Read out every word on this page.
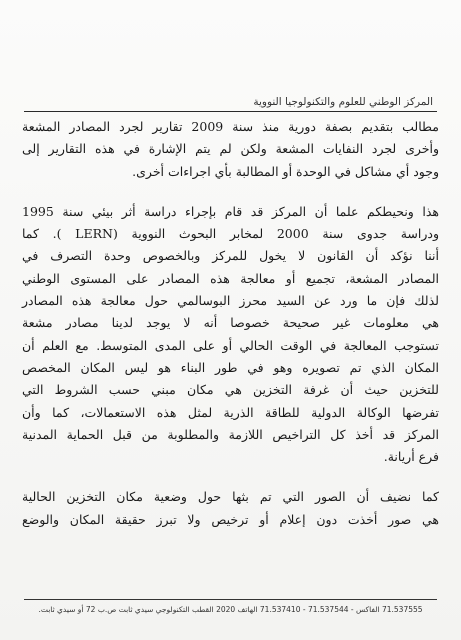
المركز الوطني للعلوم والتكنولوجيا النووية
مطالب بتقديم بصفة دورية منذ سنة 2009 تقارير لجرد المصادر المشعة
وأخرى لجرد النفايات المشعة ولكن لم يتم الإشارة في هذه التقارير إلى
وجود أي مشاكل في الوحدة أو المطالبة بأي اجراءات أخرى.
هذا ونحيطكم علما أن المركز قد قام بإجراء دراسة أثر بيئي سنة 1995
ودراسة جدوى سنة 2000 لمخابر البحوث النووية (LERN ). كما
أننا نؤكد أن القانون لا يخول للمركز وبالخصوص وحدة التصرف في
المصادر المشعة، تجميع أو معالجة هذه المصادر على المستوى الوطني
لذلك فإن ما ورد عن السيد محرز البوسالمي حول معالجة هذه المصادر
هي معلومات غير صحيحة خصوصا أنه لا يوجد لدينا مصادر مشعة
تستوجب المعالجة في الوقت الحالي أو على المدى المتوسط. مع العلم أن
المكان الذي تم تصويره وهو في طور البناء هو ليس المكان المخصص
للتخزين حيث أن غرفة التخزين هي مكان مبني حسب الشروط التي
تفرضها الوكالة الدولية للطاقة الذرية لمثل هذه الاستعمالات، كما وأن
المركز قد أخذ كل التراخيص اللازمة والمطلوبة من قبل الحماية المدنية
فرع أريانة.
كما نضيف أن الصور التي تم بثها حول وضعية مكان التخزين الحالية
هي صور أخذت دون إعلام أو ترخيص ولا تبرز حقيقة المكان والوضع
71.537555 الفاكس - 71.537544 - 71.537410 الهاتف 2020 القطب التكنولوجي سيدي ثابت ص.ب 72 أو سيدي ثابت.
